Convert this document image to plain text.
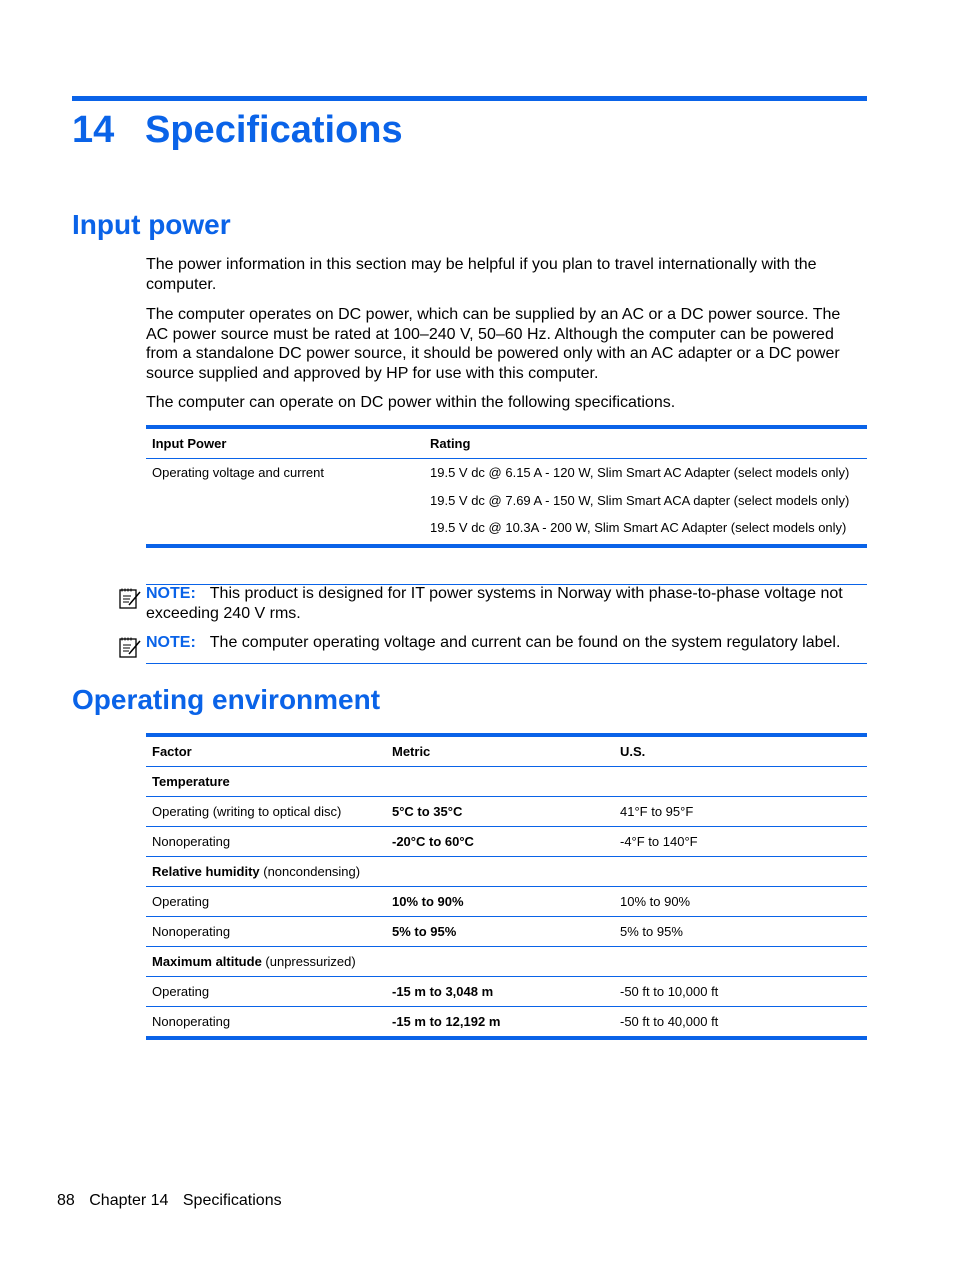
14 Specifications
Input power

The power information in this section may be helpful if you plan to travel internationally with the computer.

The computer operates on DC power, which can be supplied by an AC or a DC power source. The AC power source must be rated at 100–240 V, 50–60 Hz. Although the computer can be powered from a standalone DC power source, it should be powered only with an AC adapter or a DC power source supplied and approved by HP for use with this computer.

The computer can operate on DC power within the following specifications.

Input Power	Rating
Operating voltage and current	19.5 V dc @ 6.15 A - 120 W, Slim Smart AC Adapter (select models only)
19.5 V dc @ 7.69 A - 150 W, Slim Smart ACA dapter (select models only)
19.5 V dc @ 10.3A - 200 W, Slim Smart AC Adapter (select models only)

NOTE: This product is designed for IT power systems in Norway with phase-to-phase voltage not exceeding 240 V rms.

NOTE: The computer operating voltage and current can be found on the system regulatory label.

Operating environment
Factor	Metric	U.S.
Temperature		
Operating (writing to optical disc)	5°C to 35°C	41°F to 95°F
Nonoperating	-20°C to 60°C	-4°F to 140°F
Relative humidity (noncondensing)		
Operating	10% to 90%	10% to 90%
Nonoperating	5% to 95%	5% to 95%
Maximum altitude (unpressurized)		
Operating	-15 m to 3,048 m	-50 ft to 10,000 ft
Nonoperating	-15 m to 12,192 m	-50 ft to 40,000 ft
88 Chapter 14 Specifications
